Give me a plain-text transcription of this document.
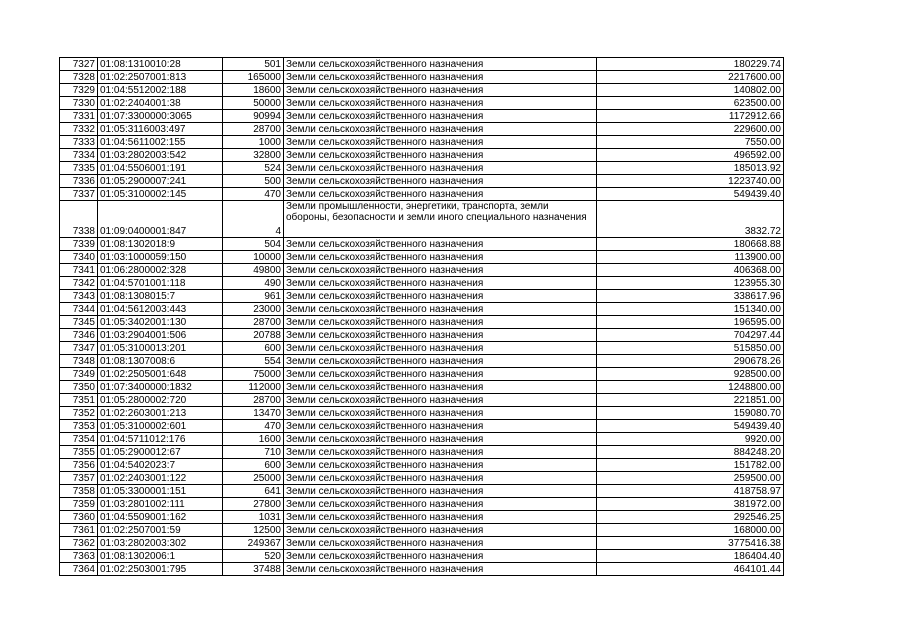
7327	01:08:1310010:28	501	Земли сельскохозяйственного назначения	180229.74
7328	01:02:2507001:813	165000	Земли сельскохозяйственного назначения	2217600.00
7329	01:04:5512002:188	18600	Земли сельскохозяйственного назначения	140802.00
7330	01:02:2404001:38	50000	Земли сельскохозяйственного назначения	623500.00
7331	01:07:3300000:3065	90994	Земли сельскохозяйственного назначения	1172912.66
7332	01:05:3116003:497	28700	Земли сельскохозяйственного назначения	229600.00
7333	01:04:5611002:155	1000	Земли сельскохозяйственного назначения	7550.00
7334	01:03:2802003:542	32800	Земли сельскохозяйственного назначения	496592.00
7335	01:04:5506001:191	524	Земли сельскохозяйственного назначения	185013.92
7336	01:05:2900007:241	500	Земли сельскохозяйственного назначения	1223740.00
7337	01:05:3100002:145	470	Земли сельскохозяйственного назначения	549439.40
7338	01:09:0400001:847	4	Земли промышленности, энергетики, транспорта, земли обороны, безопасности и земли иного специального назначения	3832.72
7339	01:08:1302018:9	504	Земли сельскохозяйственного назначения	180668.88
7340	01:03:1000059:150	10000	Земли сельскохозяйственного назначения	113900.00
7341	01:06:2800002:328	49800	Земли сельскохозяйственного назначения	406368.00
7342	01:04:5701001:118	490	Земли сельскохозяйственного назначения	123955.30
7343	01:08:1308015:7	961	Земли сельскохозяйственного назначения	338617.96
7344	01:04:5612003:443	23000	Земли сельскохозяйственного назначения	151340.00
7345	01:05:3402001:130	28700	Земли сельскохозяйственного назначения	196595.00
7346	01:03:2904001:506	20788	Земли сельскохозяйственного назначения	704297.44
7347	01:05:3100013:201	600	Земли сельскохозяйственного назначения	515850.00
7348	01:08:1307008:6	554	Земли сельскохозяйственного назначения	290678.26
7349	01:02:2505001:648	75000	Земли сельскохозяйственного назначения	928500.00
7350	01:07:3400000:1832	112000	Земли сельскохозяйственного назначения	1248800.00
7351	01:05:2800002:720	28700	Земли сельскохозяйственного назначения	221851.00
7352	01:02:2603001:213	13470	Земли сельскохозяйственного назначения	159080.70
7353	01:05:3100002:601	470	Земли сельскохозяйственного назначения	549439.40
7354	01:04:5711012:176	1600	Земли сельскохозяйственного назначения	9920.00
7355	01:05:2900012:67	710	Земли сельскохозяйственного назначения	884248.20
7356	01:04:5402023:7	600	Земли сельскохозяйственного назначения	151782.00
7357	01:02:2403001:122	25000	Земли сельскохозяйственного назначения	259500.00
7358	01:05:3300001:151	641	Земли сельскохозяйственного назначения	418758.97
7359	01:03:2801002:111	27800	Земли сельскохозяйственного назначения	381972.00
7360	01:04:5509001:162	1031	Земли сельскохозяйственного назначения	292546.25
7361	01:02:2507001:59	12500	Земли сельскохозяйственного назначения	168000.00
7362	01:03:2802003:302	249367	Земли сельскохозяйственного назначения	3775416.38
7363	01:08:1302006:1	520	Земли сельскохозяйственного назначения	186404.40
7364	01:02:2503001:795	37488	Земли сельскохозяйственного назначения	464101.44
